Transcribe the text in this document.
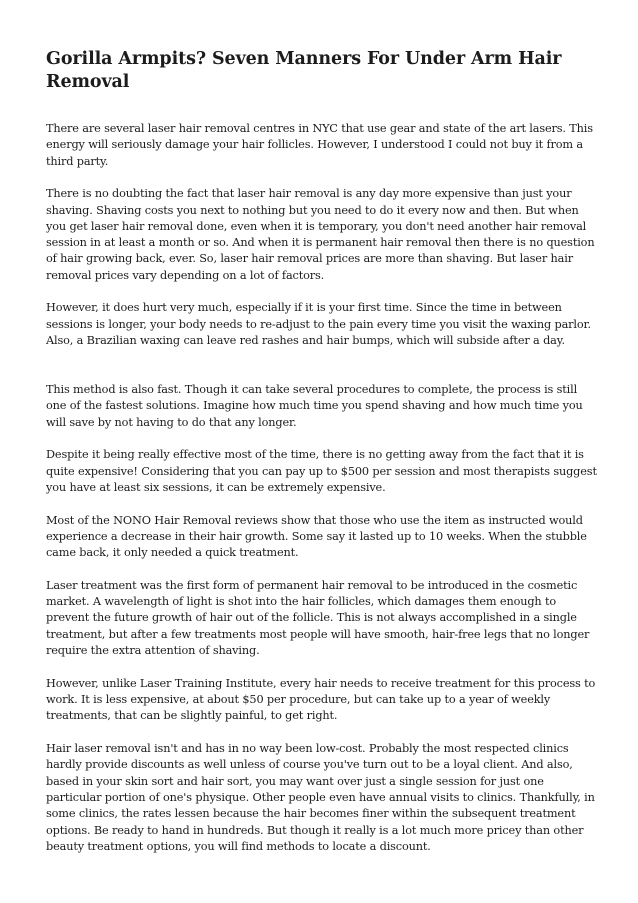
Gorilla Armpits? Seven Manners For Under Arm Hair Removal

There are several laser hair removal centres in NYC that use gear and state of the art lasers. This energy will seriously damage your hair follicles. However, I understood I could not buy it from a third party.

There is no doubting the fact that laser hair removal is any day more expensive than just your shaving. Shaving costs you next to nothing but you need to do it every now and then. But when you get laser hair removal done, even when it is temporary, you don't need another hair removal session in at least a month or so. And when it is permanent hair removal then there is no question of hair growing back, ever. So, laser hair removal prices are more than shaving. But laser hair removal prices vary depending on a lot of factors.

However, it does hurt very much, especially if it is your first time. Since the time in between sessions is longer, your body needs to re-adjust to the pain every time you visit the waxing parlor. Also, a Brazilian waxing can leave red rashes and hair bumps, which will subside after a day.

This method is also fast. Though it can take several procedures to complete, the process is still one of the fastest solutions. Imagine how much time you spend shaving and how much time you will save by not having to do that any longer.

Despite it being really effective most of the time, there is no getting away from the fact that it is quite expensive! Considering that you can pay up to $500 per session and most therapists suggest you have at least six sessions, it can be extremely expensive.

Most of the NONO Hair Removal reviews show that those who use the item as instructed would experience a decrease in their hair growth. Some say it lasted up to 10 weeks. When the stubble came back, it only needed a quick treatment.

Laser treatment was the first form of permanent hair removal to be introduced in the cosmetic market. A wavelength of light is shot into the hair follicles, which damages them enough to prevent the future growth of hair out of the follicle. This is not always accomplished in a single treatment, but after a few treatments most people will have smooth, hair-free legs that no longer require the extra attention of shaving.

However, unlike Laser Training Institute, every hair needs to receive treatment for this process to work. It is less expensive, at about $50 per procedure, but can take up to a year of weekly treatments, that can be slightly painful, to get right.

Hair laser removal isn't and has in no way been low-cost. Probably the most respected clinics hardly provide discounts as well unless of course you've turn out to be a loyal client. And also, based in your skin sort and hair sort, you may want over just a single session for just one particular portion of one's physique. Other people even have annual visits to clinics. Thankfully, in some clinics, the rates lessen because the hair becomes finer within the subsequent treatment options. Be ready to hand in hundreds. But though it really is a lot much more pricey than other beauty treatment options, you will find methods to locate a discount.
